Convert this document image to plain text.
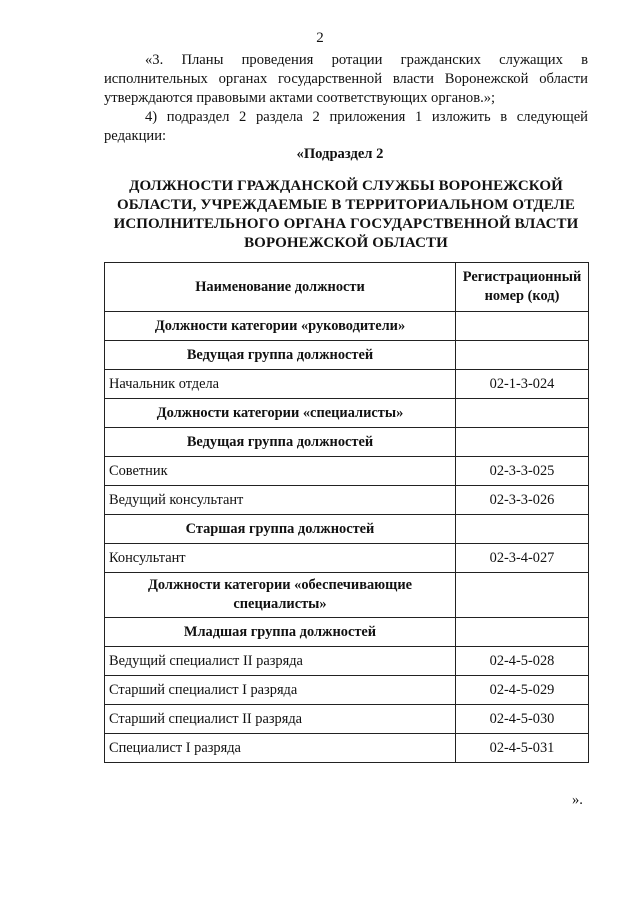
2
«3. Планы проведения ротации гражданских служащих в исполнительных органах государственной власти Воронежской области утверждаются правовыми актами соответствующих органов.»;
4) подраздел 2 раздела 2 приложения 1 изложить в следующей редакции:
«Подраздел 2
ДОЛЖНОСТИ ГРАЖДАНСКОЙ СЛУЖБЫ ВОРОНЕЖСКОЙ ОБЛАСТИ, УЧРЕЖДАЕМЫЕ В ТЕРРИТОРИАЛЬНОМ ОТДЕЛЕ ИСПОЛНИТЕЛЬНОГО ОРГАНА ГОСУДАРСТВЕННОЙ ВЛАСТИ ВОРОНЕЖСКОЙ ОБЛАСТИ
Наименование должности	Регистрационный номер (код)
Должности категории «руководители»	
Ведущая группа должностей	
Начальник отдела	02-1-3-024
Должности категории «специалисты»	
Ведущая группа должностей	
Советник	02-3-3-025
Ведущий консультант	02-3-3-026
Старшая группа должностей	
Консультант	02-3-4-027
Должности категории «обеспечивающие специалисты»	
Младшая группа должностей	
Ведущий специалист II разряда	02-4-5-028
Старший специалист I разряда	02-4-5-029
Старший специалист II разряда	02-4-5-030
Специалист I разряда	02-4-5-031
».
